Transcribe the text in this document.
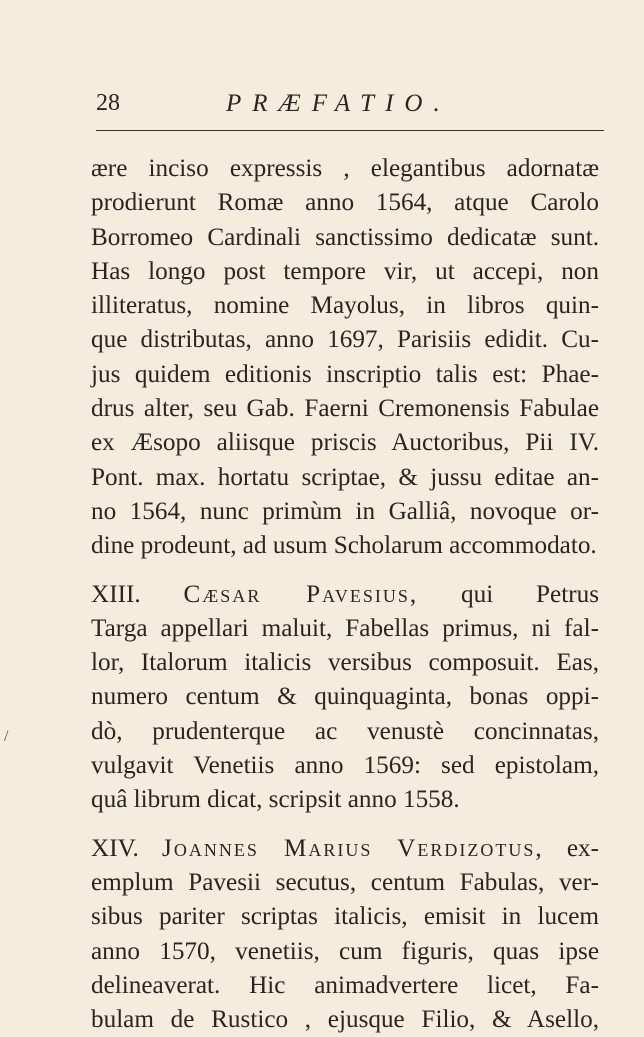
28	PRÆFATIO.
ære inciso expressis , elegantibus adornatæ
prodierunt Romæ anno 1564, atque Carolo
Borromeo Cardinali sanctissimo dedicatæ sunt.
Has longo post tempore vir, ut accepi, non
illiteratus, nomine Mayolus, in libros quin-
que distributas, anno 1697, Parisiis edidit. Cu-
jus quidem editionis inscriptio talis est: Phae-
drus alter, seu Gab. Faerni Cremonensis Fabulae
ex Æsopo aliisque priscis Auctoribus, Pii IV.
Pont. max. hortatu scriptae, & jussu editae an-
no 1564, nunc primùm in Galliâ, novoque or-
dine prodeunt, ad usum Scholarum accommodato.
XIII. Cæsar Pavesius, qui Petrus
Targa appellari maluit, Fabellas primus, ni fal-
lor, Italorum italicis versibus composuit. Eas,
numero centum & quinquaginta, bonas oppi-
dò, prudenterque ac venustè concinnatas,
vulgavit Venetiis anno 1569: sed epistolam,
quâ librum dicat, scripsit anno 1558.
XIV. Joannes Marius Verdizotus, ex-
emplum Pavesii secutus, centum Fabulas, ver-
sibus pariter scriptas italicis, emisit in lucem
anno 1570, venetiis, cum figuris, quas ipse
delineaverat. Hic animadvertere licet, Fa-
bulam de Rustico , ejusque Filio, & Asello,
/
